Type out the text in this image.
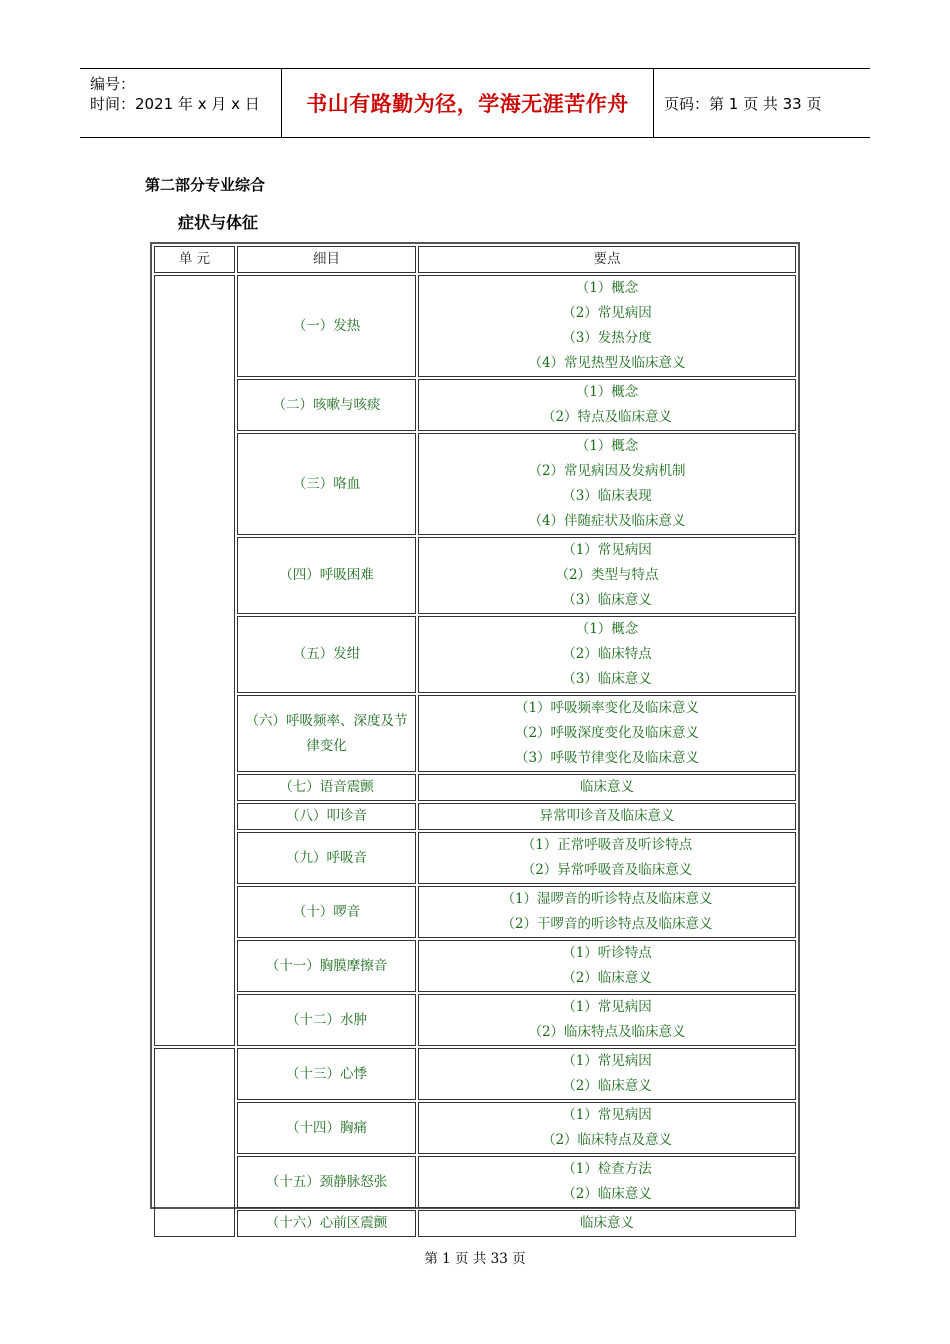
编号：
时间：2021 年 x 月 x 日 书山有路勤为径，学海无涯苦作舟	页码：第 1 页 共 33 页
第二部分专业综合
症状与体征
单 元	细目	要点
	（一）发热	（1）概念
（2）常见病因
（3）发热分度
（4）常见热型及临床意义

	（二）咳嗽与咳痰	（1）概念
（2）特点及临床意义

	（三）咯血	（1）概念
（2）常见病因及发病机制
（3）临床表现
（4）伴随症状及临床意义

	（四）呼吸困难	（1）常见病因
（2）类型与特点
（3）临床意义

	（五）发绀	（1）概念
（2）临床特点
（3）临床意义

	（六）呼吸频率、深度及节律变化	（1）呼吸频率变化及临床意义
（2）呼吸深度变化及临床意义
（3）呼吸节律变化及临床意义

	（七）语音震颤	临床意义

	（八）叩诊音	异常叩诊音及临床意义

	（九）呼吸音	（1）正常呼吸音及听诊特点
（2）异常呼吸音及临床意义

	（十）啰音	（1）湿啰音的听诊特点及临床意义
（2）干啰音的听诊特点及临床意义

	（十一）胸膜摩擦音	（1）听诊特点
（2）临床意义

	（十二）水肿	（1）常见病因
（2）临床特点及临床意义

	（十三）心悸	（1）常见病因
（2）临床意义

	（十四）胸痛	（1）常见病因
（2）临床特点及意义

	（十五）颈静脉怒张	（1）检查方法
（2）临床意义

	（十六）心前区震颤	临床意义
第 1 页 共 33 页
